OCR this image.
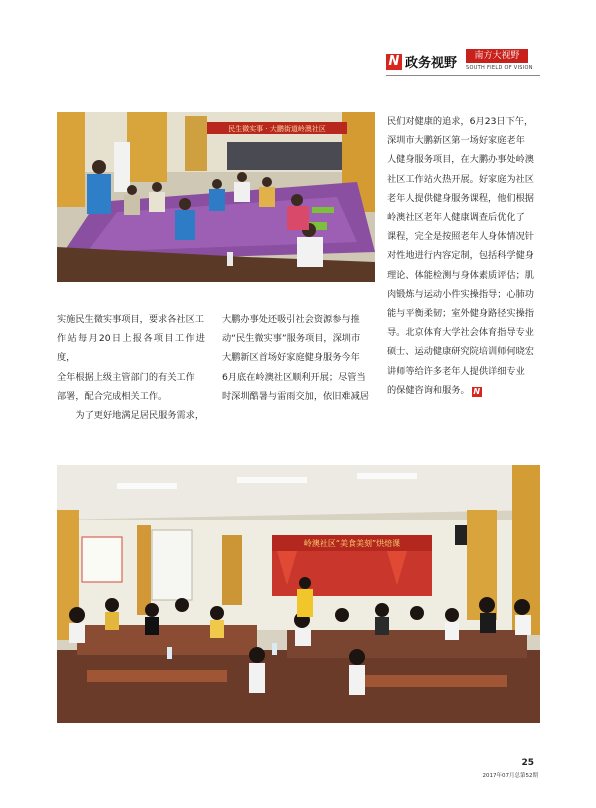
N 政务视野	南方大视野
SOUTH FIELD OF VISION
民生微实事 · 大鹏街道岭澳社区

实施民生微实事项目，要求各社区工

作站每月20日上报各项目工作进度，

全年根据上级主管部门的有关工作

部署，配合完成相关工作。

为了更好地满足居民服务需求，

大鹏办事处还吸引社会资源参与推

动“民生微实事”服务项目，深圳市

大鹏新区首场好家庭健身服务今年

6月底在岭澳社区顺利开展；尽管当

时深圳酷暑与雷雨交加，依旧难减居

民们对健康的追求，6月23日下午，

深圳市大鹏新区第一场好家庭老年

人健身服务项目，在大鹏办事处岭澳

社区工作站火热开展。好家庭为社区

老年人提供健身服务课程，他们根据

岭澳社区老年人健康调查后优化了

课程，完全是按照老年人身体情况针

对性地进行内容定制，包括科学健身

理论、体能检测与身体素质评估；肌

肉锻炼与运动小件实操指导；心肺功

能与平衡柔韧；室外健身路径实操指

导。北京体育大学社会体育指导专业

硕士、运动健康研究院培训师何晓宏

讲师等给许多老年人提供详细专业

的保健咨询和服务。 N

岭澳社区“美食美刻”烘焙课
25
2017年07月总第52期
